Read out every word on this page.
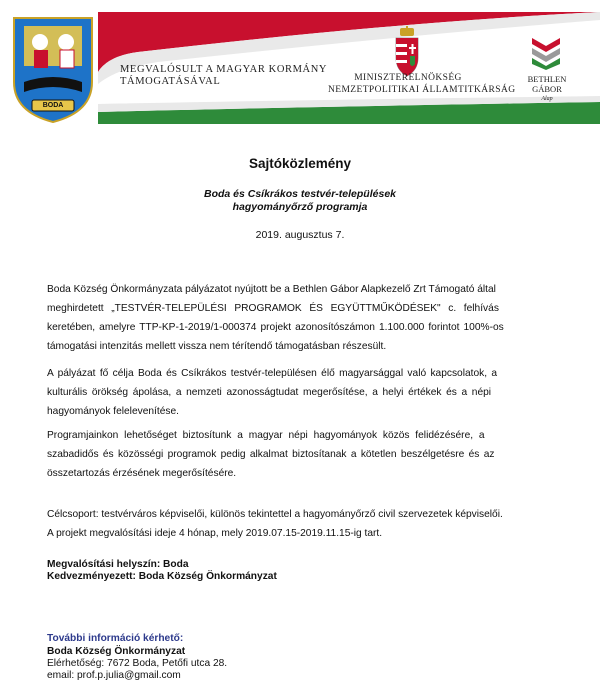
BODA
MEGVALÓSULT A MAGYAR KORMÁNY
TÁMOGATÁSÁVAL	MINISZTERELNÖKSÉG
NEMZETPOLITIKAI ÁLLAMTITKÁRSÁG
BETHLEN GÁBOR
Alap
Sajtóközlemény
Boda és Csíkrákos testvér-települések
hagyományőrző programja
2019. augusztus 7.
Boda Község Önkormányzata pályázatot nyújtott be a Bethlen Gábor Alapkezelő Zrt Támogató által
meghirdetett „TESTVÉR-TELEPÜLÉSI PROGRAMOK ÉS EGYÜTTMŰKÖDÉSEK" c. felhívás
keretében, amelyre TTP-KP-1-2019/1-000374 projekt azonosítószámon 1.100.000 forintot 100%-os
támogatási intenzitás mellett vissza nem térítendő támogatásban részesült.
A pályázat fő célja Boda és Csíkrákos testvér-településen élő magyarsággal való kapcsolatok, a
kulturális örökség ápolása, a nemzeti azonosságtudat megerősítése, a helyi értékek és a népi
hagyományok felelevenítése.
Programjainkon lehetőséget biztosítunk a magyar népi hagyományok közös felidézésére, a
szabadidős és közösségi programok pedig alkalmat biztosítanak a kötetlen beszélgetésre és az
összetartozás érzésének megerősítésére.
Célcsoport: testvérváros képviselői, különös tekintettel a hagyományőrző civil szervezetek képviselői.
A projekt megvalósítási ideje 4 hónap, mely 2019.07.15-2019.11.15-ig tart.
Megvalósítási helyszín: Boda
Kedvezményezett: Boda Község Önkormányzat
További információ kérhető:
Boda Község Önkormányzat
Elérhetőség: 7672 Boda, Petőfi utca 28.
email: prof.p.julia@gmail.com
